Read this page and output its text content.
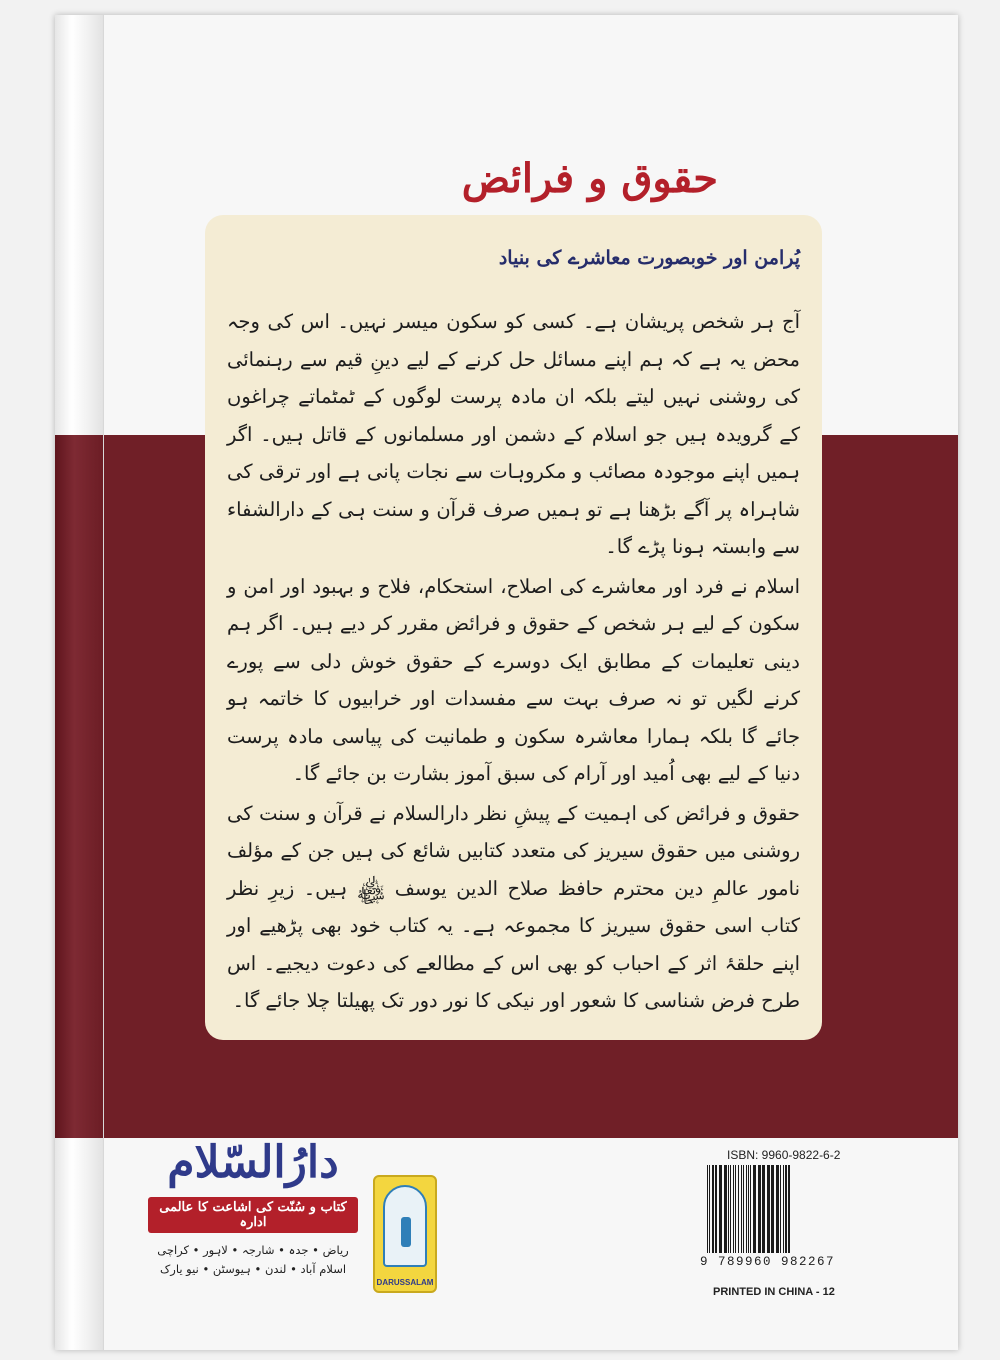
حقوق و فرائض
پُرامن اور خوبصورت معاشرے کی بنیاد

آج ہر شخص پریشان ہے۔ کسی کو سکون میسر نہیں۔ اس کی وجہ محض یہ ہے کہ ہم اپنے مسائل حل کرنے کے لیے دینِ قیم سے رہنمائی کی روشنی نہیں لیتے بلکہ ان مادہ پرست لوگوں کے ٹمٹماتے چراغوں کے گرویدہ ہیں جو اسلام کے دشمن اور مسلمانوں کے قاتل ہیں۔ اگر ہمیں اپنے موجودہ مصائب و مکروہات سے نجات پانی ہے اور ترقی کی شاہراہ پر آگے بڑھنا ہے تو ہمیں صرف قرآن و سنت ہی کے دارالشفاء سے وابستہ ہونا پڑے گا۔

اسلام نے فرد اور معاشرے کی اصلاح، استحکام، فلاح و بہبود اور امن و سکون کے لیے ہر شخص کے حقوق و فرائض مقرر کر دیے ہیں۔ اگر ہم دینی تعلیمات کے مطابق ایک دوسرے کے حقوق خوش دلی سے پورے کرنے لگیں تو نہ صرف بہت سے مفسدات اور خرابیوں کا خاتمہ ہو جائے گا بلکہ ہمارا معاشرہ سکون و طمانیت کی پیاسی مادہ پرست دنیا کے لیے بھی اُمید اور آرام کی سبق آموز بشارت بن جائے گا۔

حقوق و فرائض کی اہمیت کے پیشِ نظر دارالسلام نے قرآن و سنت کی روشنی میں حقوق سیریز کی متعدد کتابیں شائع کی ہیں جن کے مؤلف نامور عالمِ دین محترم حافظ صلاح الدین یوسف ﷾ ہیں۔ زیرِ نظر کتاب اسی حقوق سیریز کا مجموعہ ہے۔ یہ کتاب خود بھی پڑھیے اور اپنے حلقۂ اثر کے احباب کو بھی اس کے مطالعے کی دعوت دیجیے۔ اس طرح فرض شناسی کا شعور اور نیکی کا نور دور تک پھیلتا چلا جائے گا۔

دارُالسّلام
کتاب و سُنّت کی اشاعت کا عالمی ادارہ
ریاض • جدہ • شارجہ • لاہور • کراچی
اسلام آباد • لندن • ہیوسٹن • نیو یارک
DARUSSALAM
ISBN: 9960-9822-6-2
9 789960 982267
PRINTED IN CHINA - 12
